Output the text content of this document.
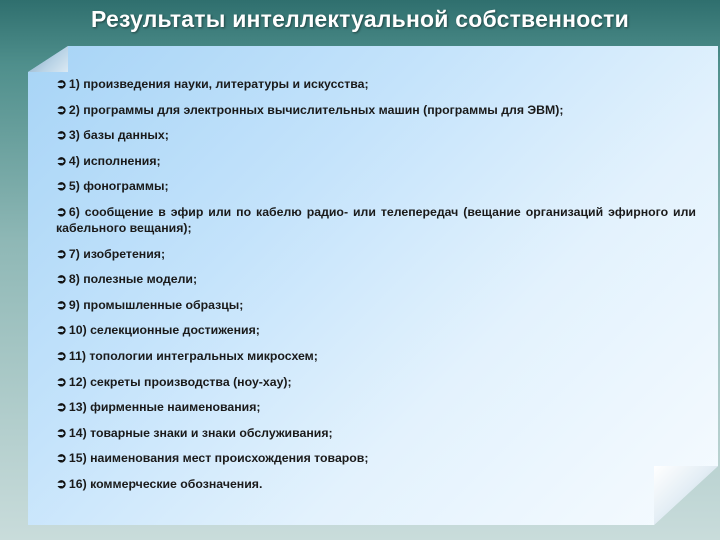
Результаты интеллектуальной собственности
➲ 1) произведения науки, литературы и искусства;
➲ 2) программы для электронных вычислительных машин (программы для ЭВМ);
➲ 3) базы данных;
➲ 4) исполнения;
➲ 5) фонограммы;
➲ 6) сообщение в эфир или по кабелю радио- или телепередач (вещание организаций эфирного или кабельного вещания);
➲ 7) изобретения;
➲ 8) полезные модели;
➲ 9) промышленные образцы;
➲ 10) селекционные достижения;
➲ 11) топологии интегральных микросхем;
➲ 12) секреты производства (ноу-хау);
➲ 13) фирменные наименования;
➲ 14) товарные знаки и знаки обслуживания;
➲ 15) наименования мест происхождения товаров;
➲ 16) коммерческие обозначения.
